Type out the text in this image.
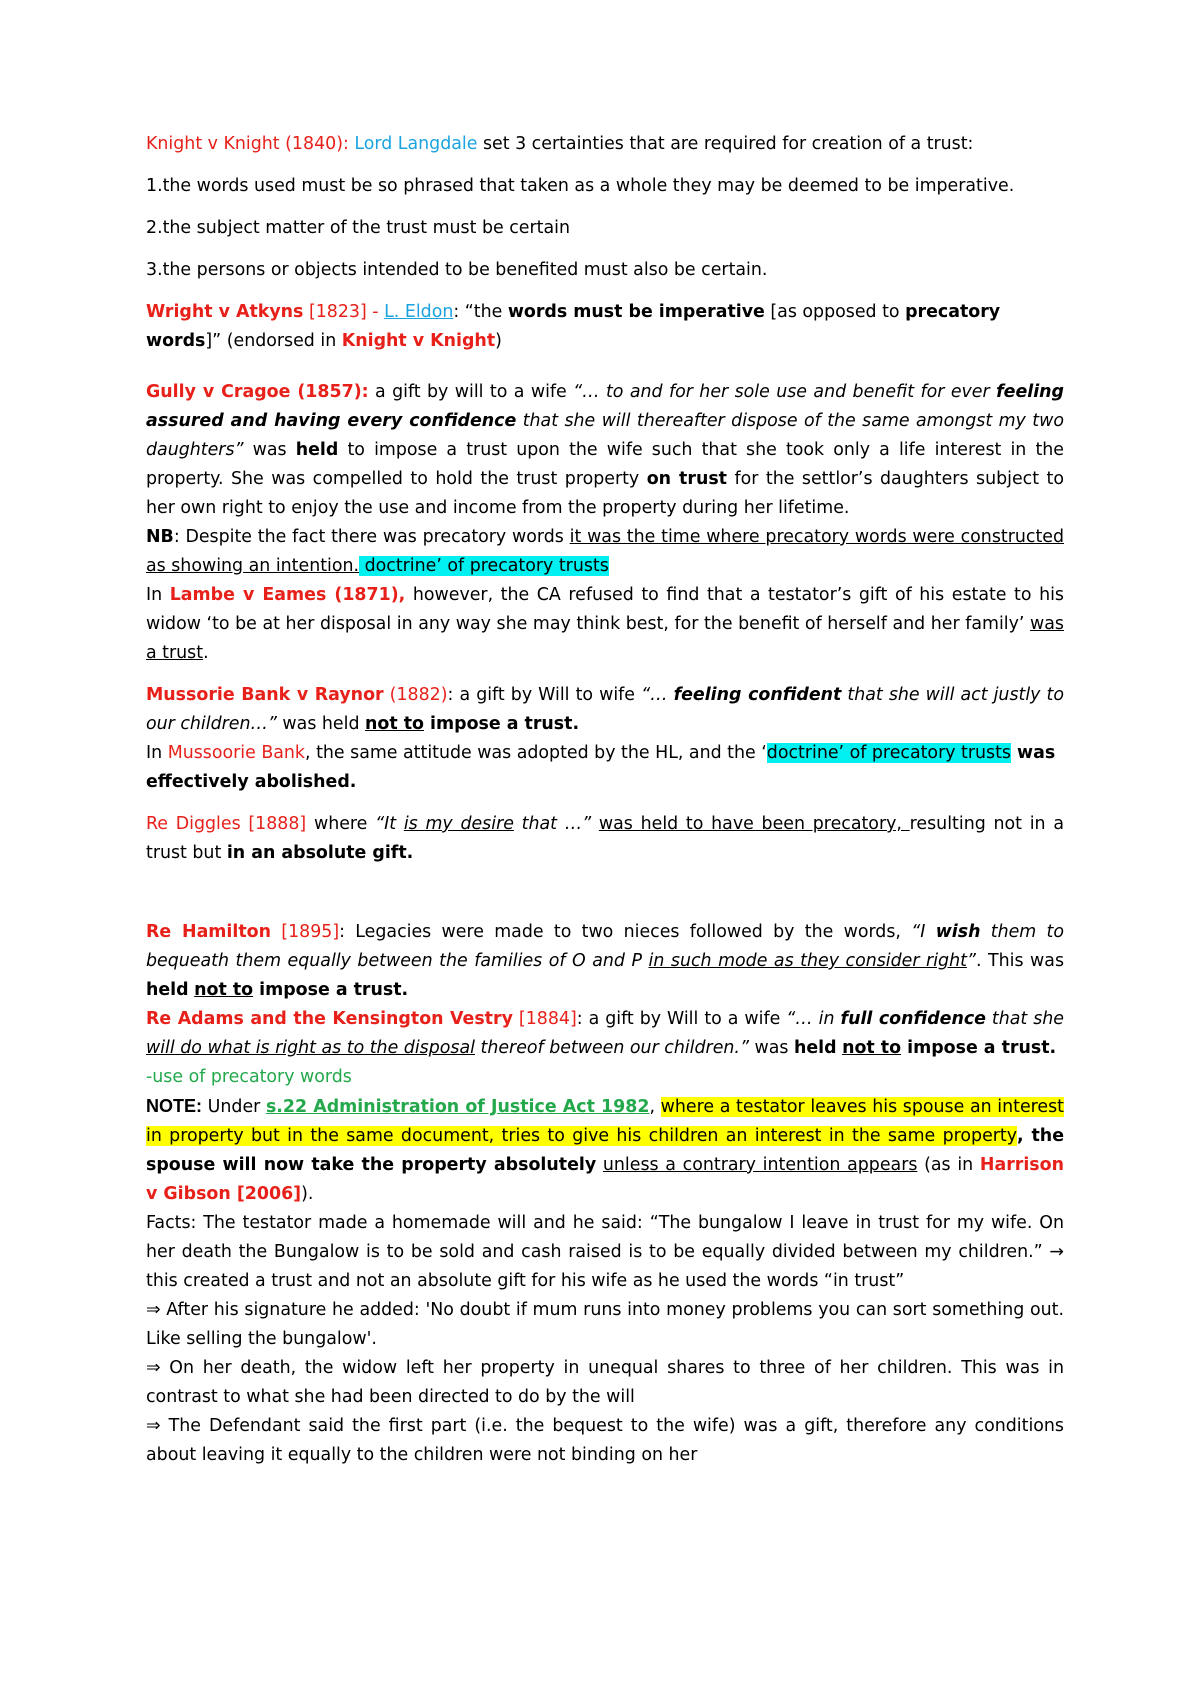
Knight v Knight (1840): Lord Langdale set 3 certainties that are required for creation of a trust:

1.the words used must be so phrased that taken as a whole they may be deemed to be imperative.

2.the subject matter of the trust must be certain

3.the persons or objects intended to be benefited must also be certain.

Wright v Atkyns [1823] - L. Eldon: “the words must be imperative [as opposed to precatory words]” (endorsed in Knight v Knight)

Gully v Cragoe (1857): a gift by will to a wife “… to and for her sole use and benefit for ever feeling assured and having every confidence that she will thereafter dispose of the same amongst my two daughters” was held to impose a trust upon the wife such that she took only a life interest in the property. She was compelled to hold the trust property on trust for the settlor’s daughters subject to her own right to enjoy the use and income from the property during her lifetime.

NB: Despite the fact there was precatory words it was the time where precatory words were constructed as showing an intention. doctrine’ of precatory trusts

In Lambe v Eames (1871), however, the CA refused to find that a testator’s gift of his estate to his widow ‘to be at her disposal in any way she may think best, for the benefit of herself and her family’ was a trust.

Mussorie Bank v Raynor (1882): a gift by Will to wife “… feeling confident that she will act justly to our children…” was held not to impose a trust.

In Mussoorie Bank, the same attitude was adopted by the HL, and the ‘doctrine’ of precatory trusts was effectively abolished.

Re Diggles [1888] where “It is my desire that …” was held to have been precatory, resulting not in a trust but in an absolute gift.

Re Hamilton [1895]: Legacies were made to two nieces followed by the words, “I wish them to bequeath them equally between the families of O and P in such mode as they consider right”. This was held not to impose a trust.

Re Adams and the Kensington Vestry [1884]: a gift by Will to a wife “… in full confidence that she will do what is right as to the disposal thereof between our children.” was held not to impose a trust.

-use of precatory words

NOTE: Under s.22 Administration of Justice Act 1982, where a testator leaves his spouse an interest in property but in the same document, tries to give his children an interest in the same property, the spouse will now take the property absolutely unless a contrary intention appears (as in Harrison v Gibson [2006]).

Facts: The testator made a homemade will and he said: “The bungalow I leave in trust for my wife. On her death the Bungalow is to be sold and cash raised is to be equally divided between my children.” → this created a trust and not an absolute gift for his wife as he used the words “in trust”

⇒ After his signature he added: 'No doubt if mum runs into money problems you can sort something out. Like selling the bungalow'.

⇒ On her death, the widow left her property in unequal shares to three of her children. This was in contrast to what she had been directed to do by the will

⇒ The Defendant said the first part (i.e. the bequest to the wife) was a gift, therefore any conditions about leaving it equally to the children were not binding on her
